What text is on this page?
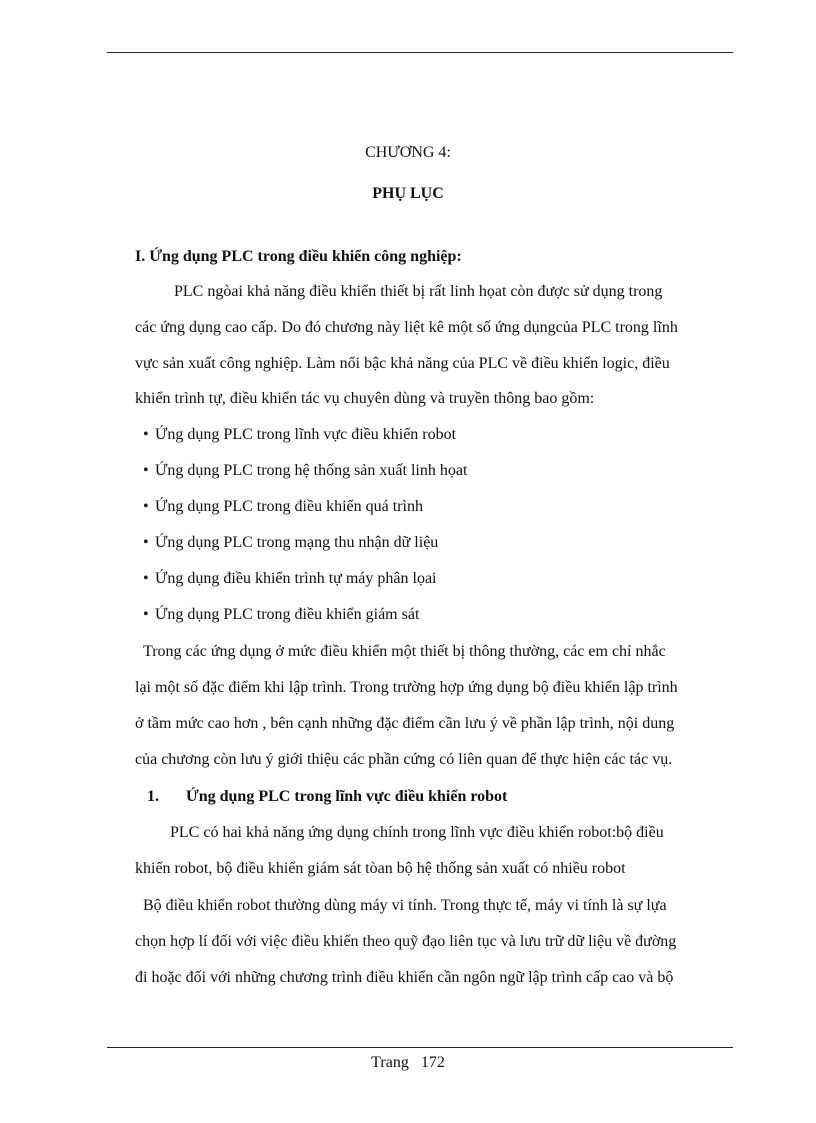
CHƯƠNG 4:
PHỤ LỤC
I. Ứng dụng PLC trong điều khiển công nghiệp:
PLC ngòai khả năng điều khiển thiết bị rất linh họat còn được sử dụng trong
các ứng dụng cao cấp. Do đó chương này liệt kê một số ứng dụngcủa PLC trong lĩnh
vực sản xuất công nghiệp. Làm nổi bậc khả năng của PLC về điều khiển logic, điều
khiển trình tự, điều khiển tác vụ chuyên dùng và truyền thông bao gồm:
• Ứng dụng PLC trong lĩnh vực điều khiển robot
• Ứng dụng PLC trong hệ thống sản xuất linh họat
• Ứng dụng PLC trong điều khiển quá trình
• Ứng dụng PLC trong mạng thu nhận dữ liệu
• Ứng dụng điều khiển trình tự máy phân lọai
• Ứng dụng PLC trong điều khiển giám sát
Trong các ứng dụng ở mức điều khiển một thiết bị thông thường, các em chỉ nhắc
lại một số đặc điểm khi lập trình. Trong trường hợp ứng dụng bộ điều khiển lập trình
ở tầm mức cao hơn , bên cạnh những đặc điểm cần lưu ý về phần lập trình, nội dung
của chương còn lưu ý giới thiệu các phần cứng có liên quan để thực hiện các tác vụ.
1. Ứng dụng PLC trong lĩnh vực điều khiển robot
PLC có hai khả năng ứng dụng chính trong lĩnh vực điều khiển robot:bộ điều
khiển robot, bộ điều khiển giám sát tòan bộ hệ thống sản xuất có nhiều robot
Bộ điều khiển robot thường dùng máy vi tính. Trong thực tế, máy vi tính là sự lựa
chọn hợp lí đối với việc điều khiển theo quỹ đạo liên tục và lưu trữ dữ liệu về đường
đi hoặc đối với những chương trình điều khiển cần ngôn ngữ lập trình cấp cao và bộ
Trang 172
